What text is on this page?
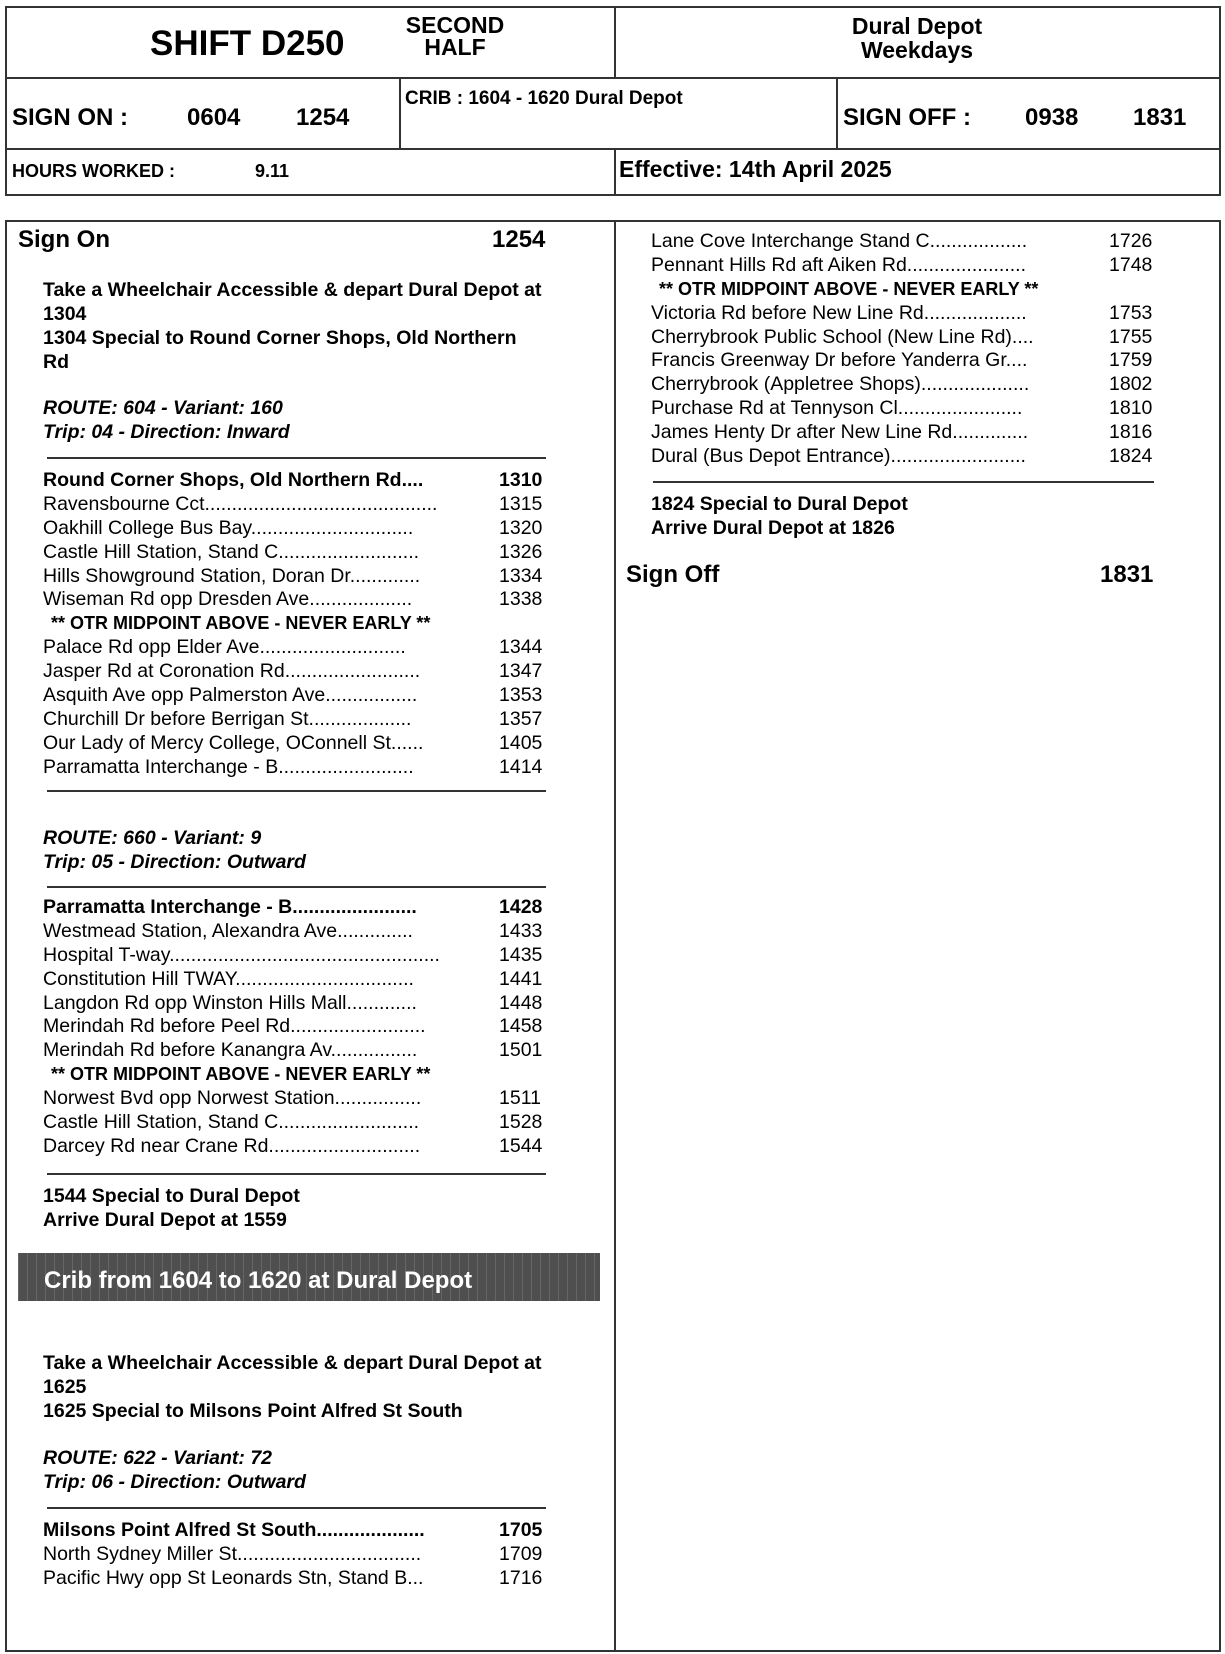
SHIFT D250	SECOND
HALF
Dural Depot
Weekdays
SIGN ON : 0604 1254
CRIB : 1604 - 1620 Dural Depot
SIGN OFF : 0938 1831
HOURS WORKED :	9.11	Effective: 14th April 2025
Sign On	1254
Take a Wheelchair Accessible & depart Dural Depot at
1304
1304 Special to Round Corner Shops, Old Northern
Rd
ROUTE: 604 - Variant: 160
Trip: 04 - Direction: Inward
Round Corner Shops, Old Northern Rd....	1310
Ravensbourne Cct...........................................	1315
Oakhill College Bus Bay..............................	1320
Castle Hill Station, Stand C..........................	1326
Hills Showground Station, Doran Dr.............	1334
Wiseman Rd opp Dresden Ave...................	1338
** OTR MIDPOINT ABOVE - NEVER EARLY **
Palace Rd opp Elder Ave...........................	1344
Jasper Rd at Coronation Rd.........................	1347
Asquith Ave opp Palmerston Ave.................	1353
Churchill Dr before Berrigan St...................	1357
Our Lady of Mercy College, OConnell St......	1405
Parramatta Interchange - B.........................	1414
ROUTE: 660 - Variant: 9
Trip: 05 - Direction: Outward
Parramatta Interchange - B.......................	1428
Westmead Station, Alexandra Ave..............	1433
Hospital T-way..................................................	1435
Constitution Hill TWAY.................................	1441
Langdon Rd opp Winston Hills Mall.............	1448
Merindah Rd before Peel Rd.........................	1458
Merindah Rd before Kanangra Av................	1501
** OTR MIDPOINT ABOVE - NEVER EARLY **
Norwest Bvd opp Norwest Station................	1511
Castle Hill Station, Stand C..........................	1528
Darcey Rd near Crane Rd............................	1544
1544 Special to Dural Depot
Arrive Dural Depot at 1559
Crib from 1604 to 1620 at Dural Depot
Take a Wheelchair Accessible & depart Dural Depot at
1625
1625 Special to Milsons Point Alfred St South
ROUTE: 622 - Variant: 72
Trip: 06 - Direction: Outward
Milsons Point Alfred St South....................	1705
North Sydney Miller St..................................	1709
Pacific Hwy opp St Leonards Stn, Stand B...	1716
Lane Cove Interchange Stand C..................	1726
Pennant Hills Rd aft Aiken Rd......................	1748
** OTR MIDPOINT ABOVE - NEVER EARLY **
Victoria Rd before New Line Rd...................	1753
Cherrybrook Public School (New Line Rd)....	1755
Francis Greenway Dr before Yanderra Gr....	1759
Cherrybrook (Appletree Shops)....................	1802
Purchase Rd at Tennyson Cl.......................	1810
James Henty Dr after New Line Rd..............	1816
Dural (Bus Depot Entrance).........................	1824
1824 Special to Dural Depot
Arrive Dural Depot at 1826
Sign Off	1831
